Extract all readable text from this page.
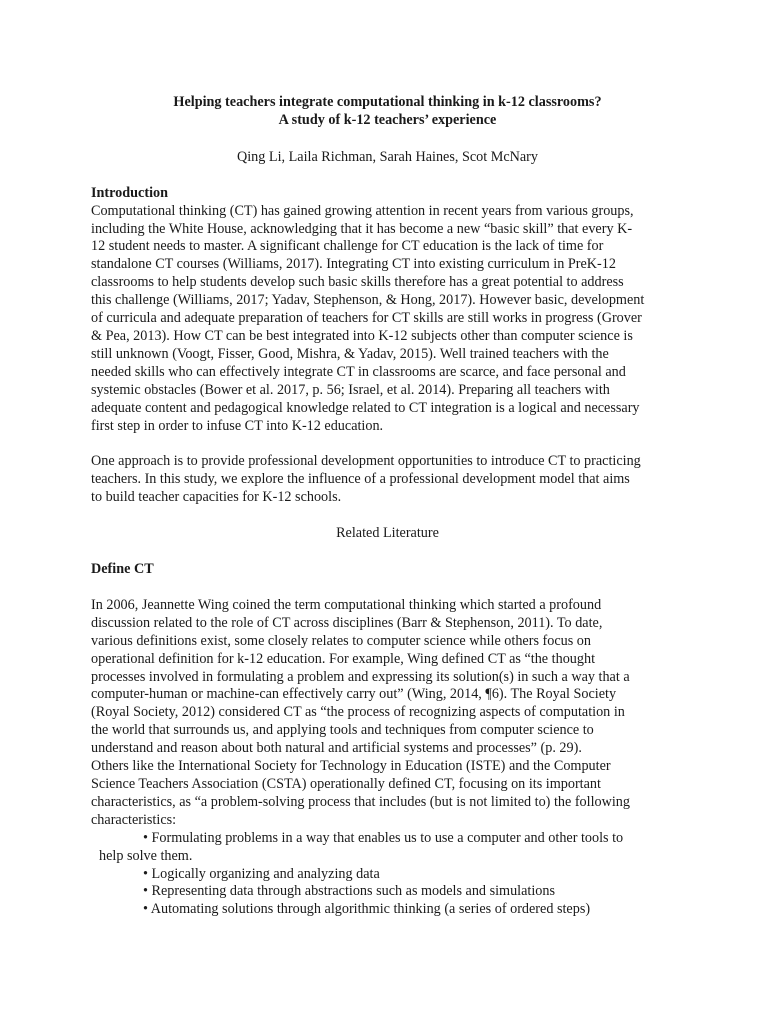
Helping teachers integrate computational thinking in k-12 classrooms?
A study of k-12 teachers’ experience
Qing Li, Laila Richman, Sarah Haines, Scot McNary
Introduction
Computational thinking (CT) has gained growing attention in recent years from various groups,
including the White House, acknowledging that it has become a new “basic skill” that every K-
12 student needs to master. A significant challenge for CT education is the lack of time for
standalone CT courses (Williams, 2017). Integrating CT into existing curriculum in PreK-12
classrooms to help students develop such basic skills therefore has a great potential to address
this challenge (Williams, 2017; Yadav, Stephenson, & Hong, 2017). However basic, development
of curricula and adequate preparation of teachers for CT skills are still works in progress (Grover
& Pea, 2013). How CT can be best integrated into K-12 subjects other than computer science is
still unknown (Voogt, Fisser, Good, Mishra, & Yadav, 2015). Well trained teachers with the
needed skills who can effectively integrate CT in classrooms are scarce, and face personal and
systemic obstacles (Bower et al. 2017, p. 56; Israel, et al. 2014). Preparing all teachers with
adequate content and pedagogical knowledge related to CT integration is a logical and necessary
first step in order to infuse CT into K-12 education.
One approach is to provide professional development opportunities to introduce CT to practicing
teachers. In this study, we explore the influence of a professional development model that aims
to build teacher capacities for K-12 schools.
Related Literature
Define CT
In 2006, Jeannette Wing coined the term computational thinking which started a profound
discussion related to the role of CT across disciplines (Barr & Stephenson, 2011). To date,
various definitions exist, some closely relates to computer science while others focus on
operational definition for k-12 education. For example, Wing defined CT as “the thought
processes involved in formulating a problem and expressing its solution(s) in such a way that a
computer-human or machine-can effectively carry out” (Wing, 2014, ¶6). The Royal Society
(Royal Society, 2012) considered CT as “the process of recognizing aspects of computation in
the world that surrounds us, and applying tools and techniques from computer science to
understand and reason about both natural and artificial systems and processes” (p. 29).
Others like the International Society for Technology in Education (ISTE) and the Computer
Science Teachers Association (CSTA) operationally defined CT, focusing on its important
characteristics, as “a problem-solving process that includes (but is not limited to) the following
characteristics:
• Formulating problems in a way that enables us to use a computer and other tools to
help solve them.
• Logically organizing and analyzing data
• Representing data through abstractions such as models and simulations
• Automating solutions through algorithmic thinking (a series of ordered steps)
